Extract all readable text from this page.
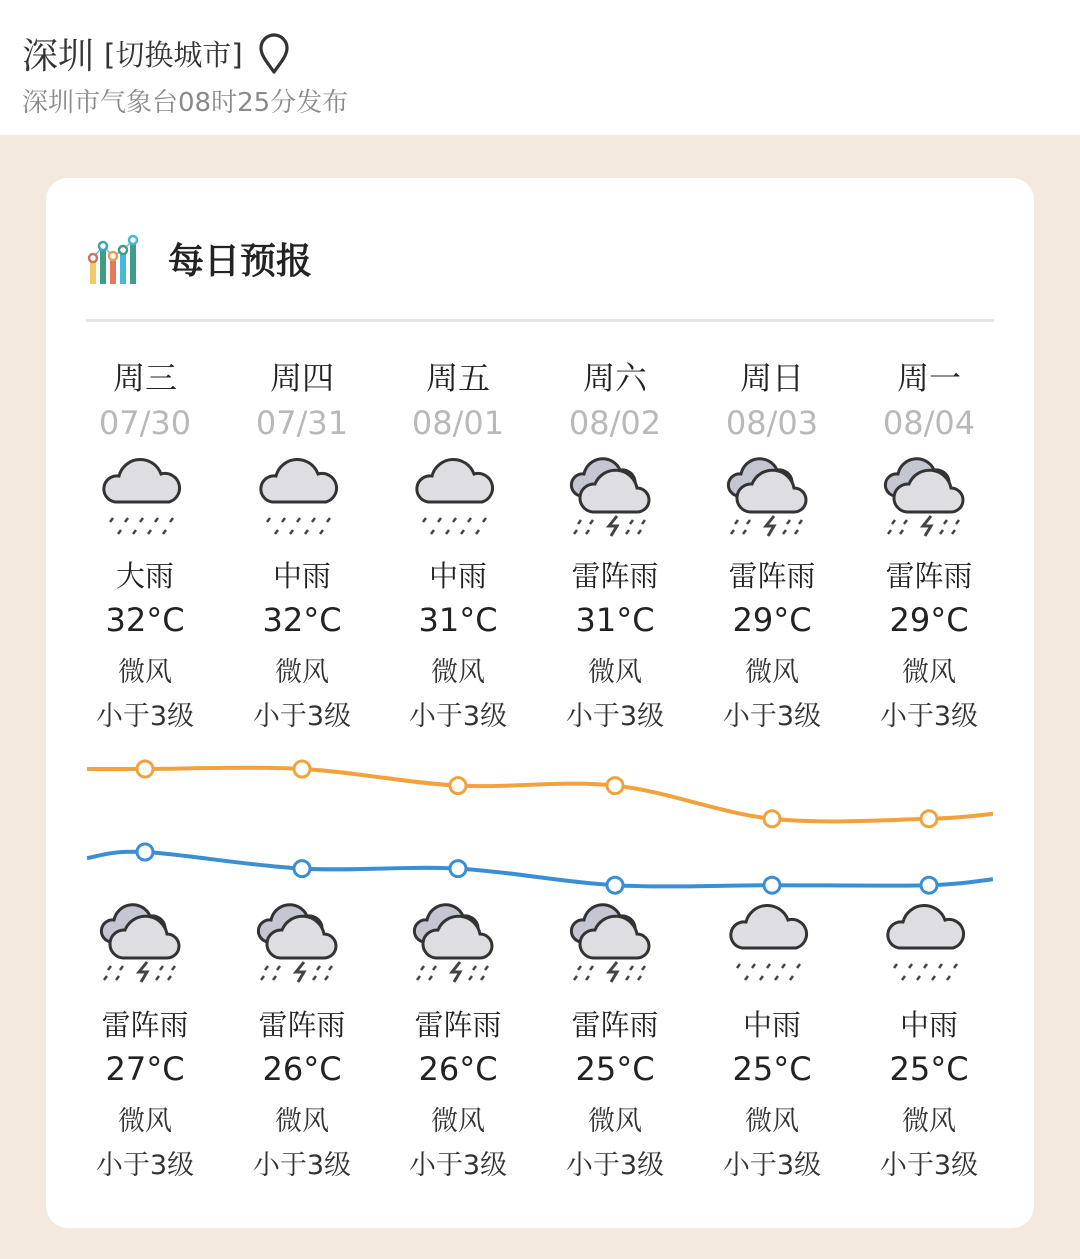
深圳 [切换城市]
深圳市气象台08时25分发布
每日预报
周三
07/30
大雨
32°C
微风
小于3级
雷阵雨
27°C
微风
小于3级
周四
07/31
中雨
32°C
微风
小于3级
雷阵雨
26°C
微风
小于3级
周五
08/01
中雨
31°C
微风
小于3级
雷阵雨
26°C
微风
小于3级
周六
08/02
雷阵雨
31°C
微风
小于3级
雷阵雨
25°C
微风
小于3级
周日
08/03
雷阵雨
29°C
微风
小于3级
中雨
25°C
微风
小于3级
周一
08/04
雷阵雨
29°C
微风
小于3级
中雨
25°C
微风
小于3级
